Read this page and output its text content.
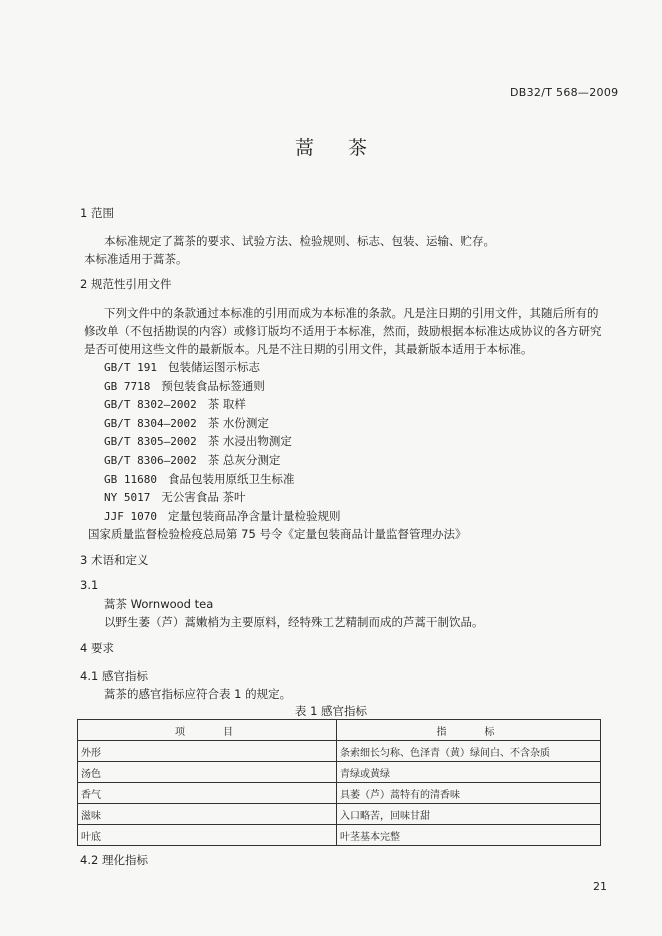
DB32/T 568—2009
蒿 茶
1 范围
本标准规定了蒿茶的要求、试验方法、检验规则、标志、包装、运输、贮存。
本标准适用于蒿茶。
2 规范性引用文件
下列文件中的条款通过本标准的引用而成为本标准的条款。凡是注日期的引用文件，其随后所有的
修改单（不包括勘误的内容）或修订版均不适用于本标准，然而，鼓励根据本标准达成协议的各方研究
是否可使用这些文件的最新版本。凡是不注日期的引用文件，其最新版本适用于本标准。
GB/T 191 包装储运图示标志
GB 7718 预包装食品标签通则
GB/T 8302—2002 茶 取样
GB/T 8304—2002 茶 水份测定
GB/T 8305—2002 茶 水浸出物测定
GB/T 8306—2002 茶 总灰分测定
GB 11680 食品包装用原纸卫生标准
NY 5017 无公害食品 茶叶
JJF 1070 定量包装商品净含量计量检验规则
国家质量监督检验检疫总局第 75 号令《定量包装商品计量监督管理办法》
3 术语和定义
3.1
蒿茶 Wornwood tea
以野生萎（芦）蒿嫩梢为主要原料，经特殊工艺精制而成的芦蒿干制饮品。
4 要求
4.1 感官指标
蒿茶的感官指标应符合表 1 的规定。
表 1 感官指标
项　　目	指　　标
外形	条索细长匀称、色泽青（黄）绿间白、不含杂质
汤色	青绿或黄绿
香气	具萎（芦）蒿特有的清香味
滋味	入口略苦，回味甘甜
叶底	叶茎基本完整
4.2 理化指标
21
